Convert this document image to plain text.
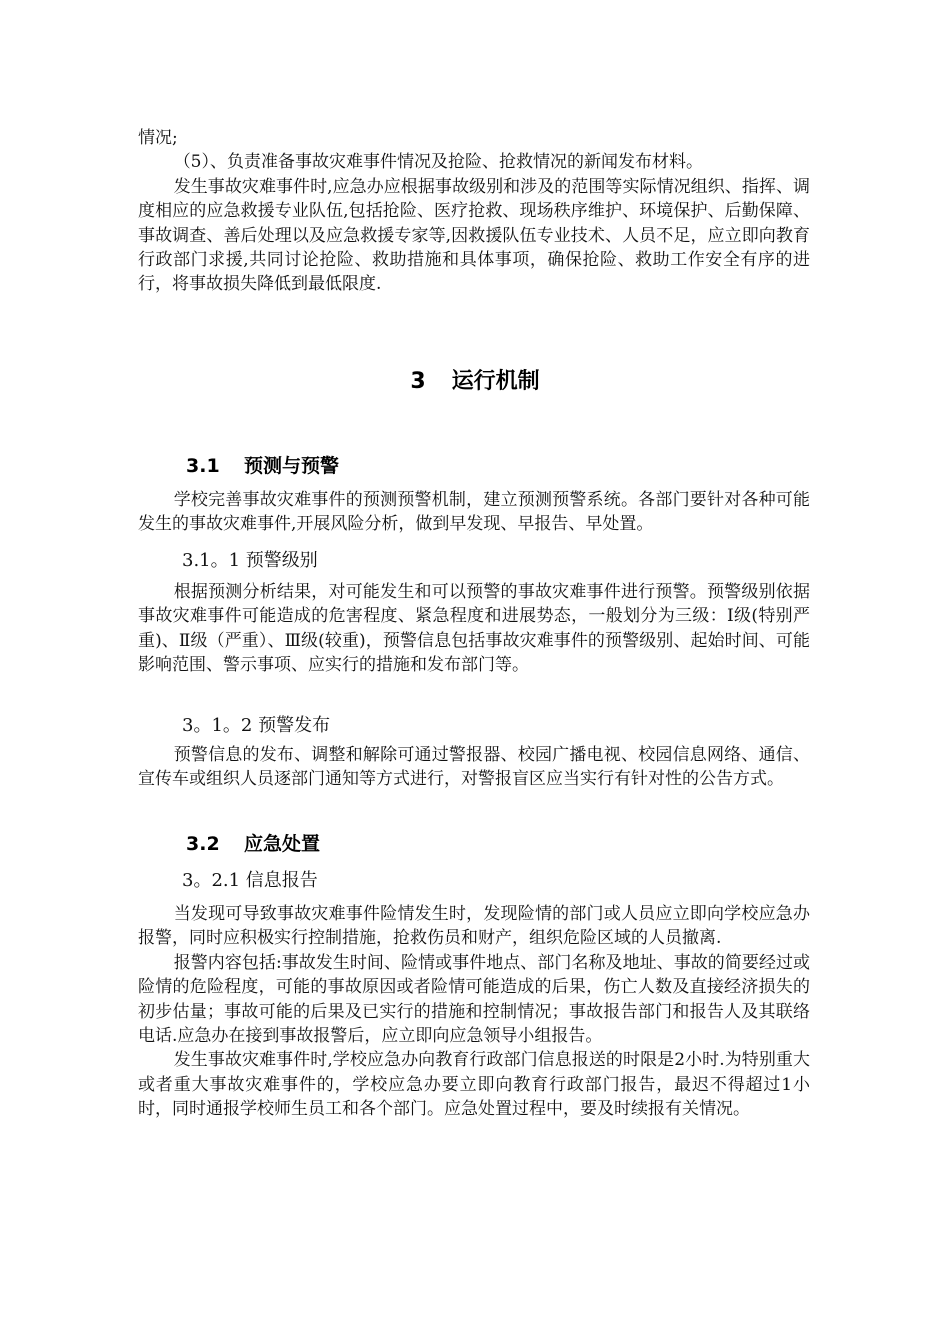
情况;

（5）、负责准备事故灾难事件情况及抢险、抢救情况的新闻发布材料。

发生事故灾难事件时,应急办应根据事故级别和涉及的范围等实际情况组织、指挥、调度相应的应急救援专业队伍,包括抢险、医疗抢救、现场秩序维护、环境保护、后勤保障、事故调查、善后处理以及应急救援专家等,因救援队伍专业技术、人员不足，应立即向教育行政部门求援,共同讨论抢险、救助措施和具体事项，确保抢险、救助工作安全有序的进行，将事故损失降低到最低限度.

3 运行机制
3.1 预测与预警

学校完善事故灾难事件的预测预警机制，建立预测预警系统。各部门要针对各种可能发生的事故灾难事件,开展风险分析，做到早发现、早报告、早处置。

3.1。1 预警级别

根据预测分析结果，对可能发生和可以预警的事故灾难事件进行预警。预警级别依据事故灾难事件可能造成的危害程度、紧急程度和进展势态，一般划分为三级：Ⅰ级(特别严重)、Ⅱ级（严重）、Ⅲ级(较重)，预警信息包括事故灾难事件的预警级别、起始时间、可能影响范围、警示事项、应实行的措施和发布部门等。

3。1。2 预警发布

预警信息的发布、调整和解除可通过警报器、校园广播电视、校园信息网络、通信、宣传车或组织人员逐部门通知等方式进行，对警报盲区应当实行有针对性的公告方式。

3.2 应急处置
3。2.1 信息报告

当发现可导致事故灾难事件险情发生时，发现险情的部门或人员应立即向学校应急办报警，同时应积极实行控制措施，抢救伤员和财产，组织危险区域的人员撤离.

报警内容包括:事故发生时间、险情或事件地点、部门名称及地址、事故的简要经过或险情的危险程度，可能的事故原因或者险情可能造成的后果，伤亡人数及直接经济损失的初步估量；事故可能的后果及已实行的措施和控制情况；事故报告部门和报告人及其联络电话.应急办在接到事故报警后，应立即向应急领导小组报告。

发生事故灾难事件时,学校应急办向教育行政部门信息报送的时限是2小时.为特别重大或者重大事故灾难事件的，学校应急办要立即向教育行政部门报告，最迟不得超过1小时，同时通报学校师生员工和各个部门。应急处置过程中，要及时续报有关情况。
